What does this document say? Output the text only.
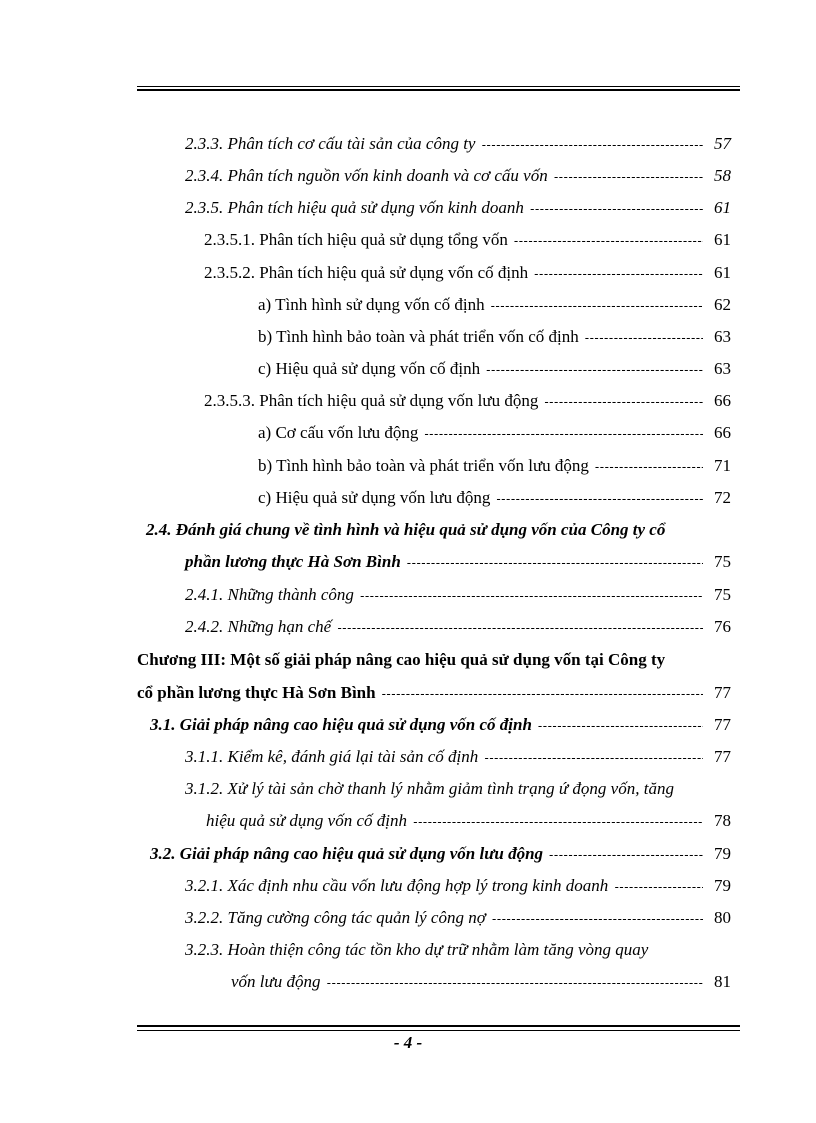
2.3.3. Phân tích cơ cấu tài sản của công ty -----	57
2.3.4. Phân tích nguồn vốn kinh doanh và cơ cấu vốn -----	58
2.3.5. Phân tích hiệu quả sử dụng vốn kinh doanh -----	61
2.3.5.1. Phân tích hiệu quả sử dụng tổng vốn -----	61
2.3.5.2. Phân tích hiệu quả sử dụng vốn cố định -----	61
a) Tình hình sử dụng vốn cố định -----	62
b) Tình hình bảo toàn và phát triển vốn cố định -----	63
c) Hiệu quả sử dụng vốn cố định -----	63
2.3.5.3. Phân tích hiệu quả sử dụng vốn lưu động -----	66
a) Cơ cấu vốn lưu động -----	66
b) Tình hình bảo toàn và phát triển vốn lưu động -----	71
c) Hiệu quả sử dụng vốn lưu động -----	72
2.4. Đánh giá chung về tình hình và hiệu quả sử dụng vốn của Công ty cổ
phần lương thực Hà Sơn Bình -----	75
2.4.1. Những thành công -----	75
2.4.2. Những hạn chế -----	76
Chương III: Một số giải pháp nâng cao hiệu quả sử dụng vốn tại Công ty
cổ phần lương thực Hà Sơn Bình -----	77
3.1. Giải pháp nâng cao hiệu quả sử dụng vốn cố định -----	77
3.1.1. Kiểm kê, đánh giá lại tài sản cố định -----	77
3.1.2. Xử lý tài sản chờ thanh lý nhằm giảm tình trạng ứ đọng vốn, tăng
hiệu quả sử dụng vốn cố định -----	78
3.2. Giải pháp nâng cao hiệu quả sử dụng vốn lưu động -----	79
3.2.1. Xác định nhu cầu vốn lưu động hợp lý trong kinh doanh -----	79
3.2.2. Tăng cường công tác quản lý công nợ -----	80
3.2.3. Hoàn thiện công tác tồn kho dự trữ nhằm làm tăng vòng quay
vốn lưu động -----	81
- 4 -
